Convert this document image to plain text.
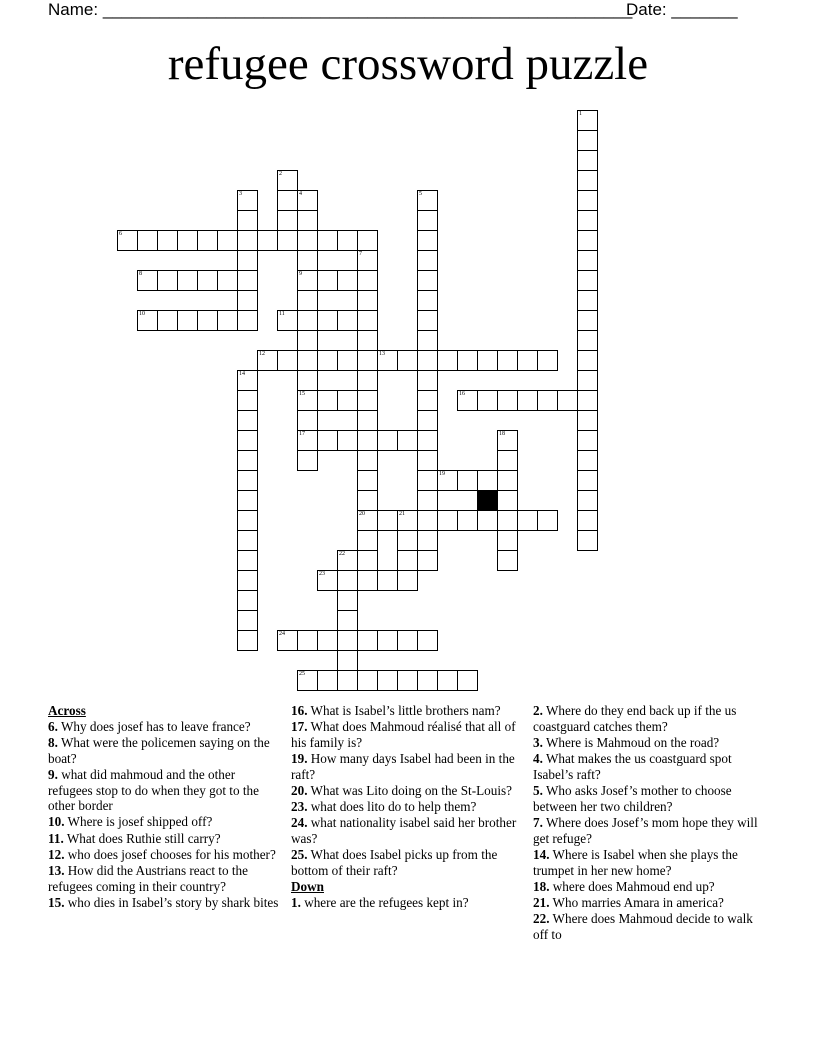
Name: ________________________________________________________
Date: _______
refugee crossword puzzle
1
2
3	4
9
15
17
5
6
7
20
8
10	11
12	13
14
16
18
19
21
22
23
24
25
Across
6. Why does josef has to leave france?
8. What were the policemen saying on the boat?
9. what did mahmoud and the other refugees stop to do when they got to the other border
10. Where is josef shipped off?
11. What does Ruthie still carry?
12. who does josef chooses for his mother?
13. How did the Austrians react to the refugees coming in their country?
15. who dies in Isabel’s story by shark bites
16. What is Isabel’s little brothers nam?
17. What does Mahmoud réalisé that all of his family is?
19. How many days Isabel had been in the raft?
20. What was Lito doing on the St-Louis?
23. what does lito do to help them?
24. what nationality isabel said her brother was?
25. What does Isabel picks up from the bottom of their raft?
Down
1. where are the refugees kept in?
2. Where do they end back up if the us coastguard catches them?
3. Where is Mahmoud on the road?
4. What makes the us coastguard spot Isabel’s raft?
5. Who asks Josef’s mother to choose between her two children?
7. Where does Josef’s mom hope they will get refuge?
14. Where is Isabel when she plays the trumpet in her new home?
18. where does Mahmoud end up?
21. Who marries Amara in america?
22. Where does Mahmoud decide to walk off to
